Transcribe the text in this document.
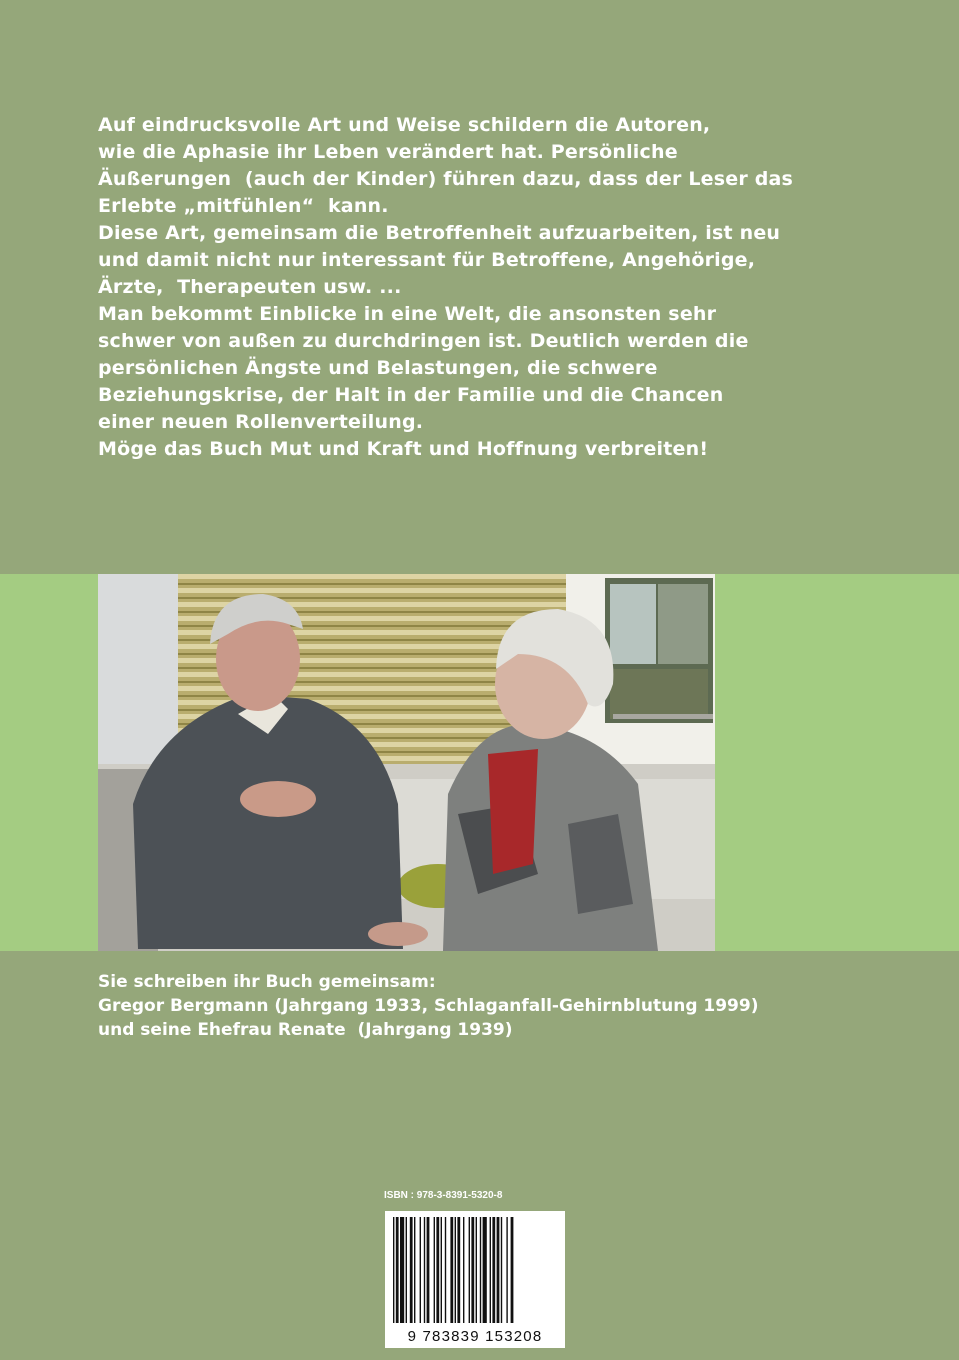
Auf eindrucksvolle Art und Weise schildern die Autoren,
wie die Aphasie ihr Leben verändert hat. Persönliche
Äußerungen  (auch der Kinder) führen dazu, dass der Leser das
Erlebte „mitfühlen“  kann.
Diese Art, gemeinsam die Betroffenheit aufzuarbeiten, ist neu
und damit nicht nur interessant für Betroffene, Angehörige,
Ärzte,  Therapeuten usw. ...
Man bekommt Einblicke in eine Welt, die ansonsten sehr
schwer von außen zu durchdringen ist. Deutlich werden die
persönlichen Ängste und Belastungen, die schwere
Beziehungskrise, der Halt in der Familie und die Chancen
einer neuen Rollenverteilung.
Möge das Buch Mut und Kraft und Hoffnung verbreiten!
Sie schreiben ihr Buch gemeinsam:
Gregor Bergmann (Jahrgang 1933, Schlaganfall-Gehirnblutung 1999)
und seine Ehefrau Renate  (Jahrgang 1939)
ISBN : 978-3-8391-5320-8
9 783839 153208
